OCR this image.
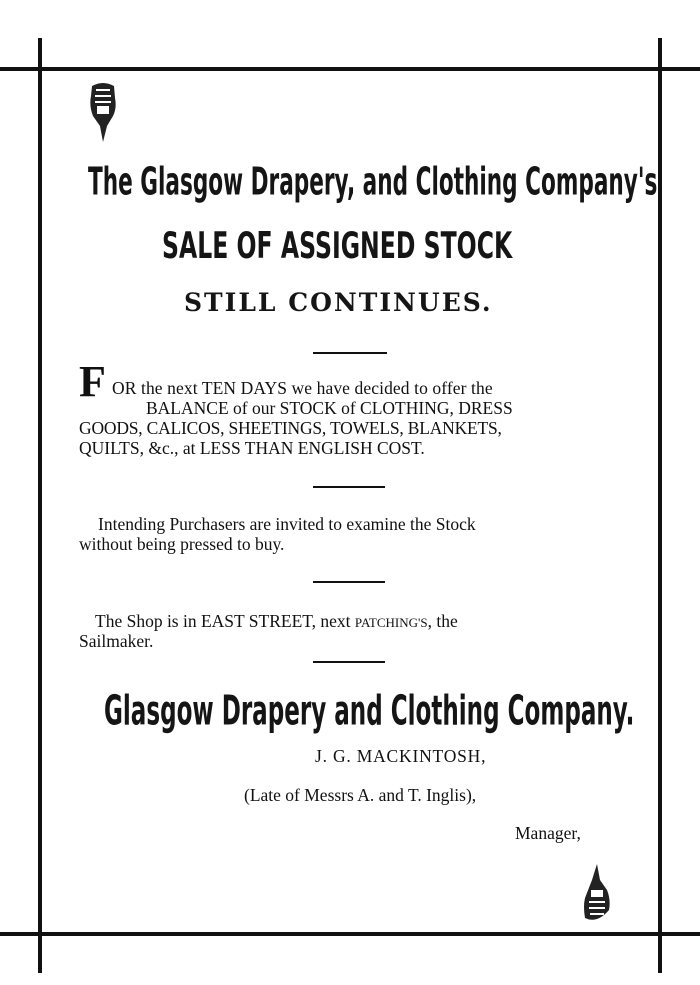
The Glasgow Drapery, and Clothing Company's
SALE OF ASSIGNED STOCK
STILL CONTINUES.
F OR the next TEN DAYS we have decided to offer the
BALANCE of our STOCK of CLOTHING, DRESS
GOODS, CALICOS, SHEETINGS, TOWELS, BLANKETS,
QUILTS, &c., at LESS THAN ENGLISH COST.
Intending Purchasers are invited to examine the Stock
without being pressed to buy.
The Shop is in EAST STREET, next PATCHING'S, the
Sailmaker.
Glasgow Drapery and Clothing Company.
J. G. MACKINTOSH,
(Late of Messrs A. and T. Inglis),
Manager,
